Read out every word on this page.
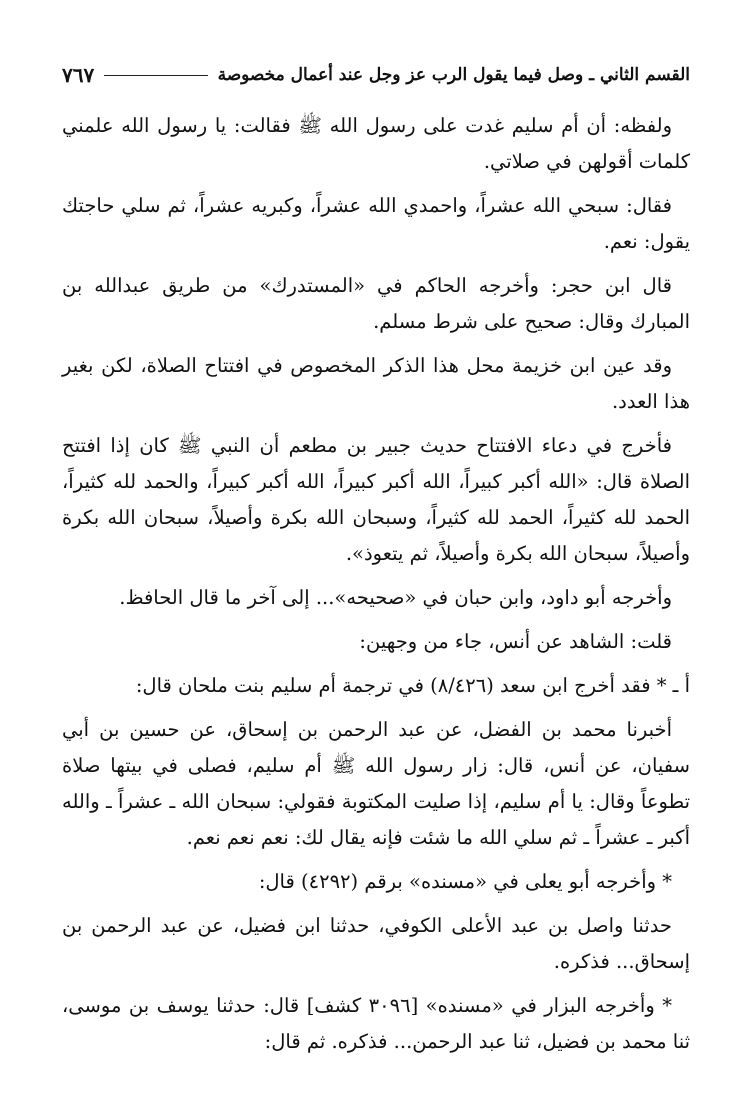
القسم الثاني ـ وصل فيما يقول الرب عز وجل عند أعمال مخصوصة
٧٦٧

ولفظه: أن أم سليم غدت على رسول الله ﷺ فقالت: يا رسول الله علمني كلمات أقولهن في صلاتي.

فقال: سبحي الله عشراً، واحمدي الله عشراً، وكبريه عشراً، ثم سلي حاجتك يقول: نعم.

قال ابن حجر: وأخرجه الحاكم في «المستدرك» من طريق عبدالله بن المبارك وقال: صحيح على شرط مسلم.

وقد عين ابن خزيمة محل هذا الذكر المخصوص في افتتاح الصلاة، لكن بغير هذا العدد.

فأخرج في دعاء الافتتاح حديث جبير بن مطعم أن النبي ﷺ كان إذا افتتح الصلاة قال: «الله أكبر كبيراً، الله أكبر كبيراً، الله أكبر كبيراً، والحمد لله كثيراً، الحمد لله كثيراً، الحمد لله كثيراً، وسبحان الله بكرة وأصيلاً، سبحان الله بكرة وأصيلاً، سبحان الله بكرة وأصيلاً، ثم يتعوذ».

وأخرجه أبو داود، وابن حبان في «صحيحه»... إلى آخر ما قال الحافظ.

قلت: الشاهد عن أنس، جاء من وجهين:

أ ـ * فقد أخرج ابن سعد (٨/٤٢٦) في ترجمة أم سليم بنت ملحان قال:

أخبرنا محمد بن الفضل، عن عبد الرحمن بن إسحاق، عن حسين بن أبي سفيان، عن أنس، قال: زار رسول الله ﷺ أم سليم، فصلى في بيتها صلاة تطوعاً وقال: يا أم سليم، إذا صليت المكتوبة فقولي: سبحان الله ـ عشراً ـ والله أكبر ـ عشراً ـ ثم سلي الله ما شئت فإنه يقال لك: نعم نعم نعم.

* وأخرجه أبو يعلى في «مسنده» برقم (٤٢٩٢) قال:

حدثنا واصل بن عبد الأعلى الكوفي، حدثنا ابن فضيل، عن عبد الرحمن بن إسحاق... فذكره.

* وأخرجه البزار في «مسنده» [٣٠٩٦ كشف] قال: حدثنا يوسف بن موسى، ثنا محمد بن فضيل، ثنا عبد الرحمن... فذكره. ثم قال:
